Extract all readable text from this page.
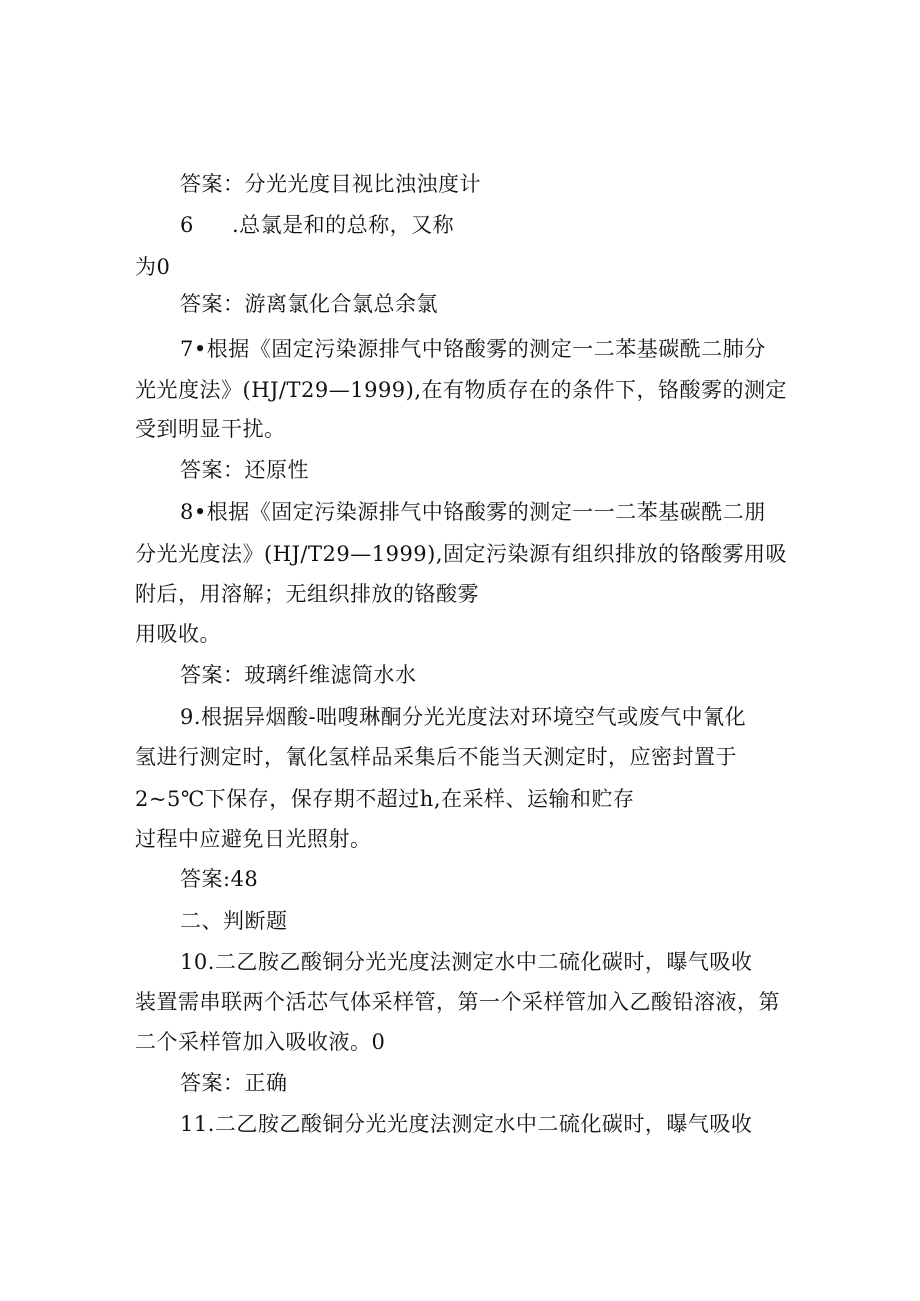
答案：分光光度目视比浊浊度计
6 .总氯是和的总称，又称
为0
答案：游离氯化合氯总余氯
7•根据《固定污染源排气中铬酸雾的测定一二苯基碳酰二肺分
光光度法》(HJ/T29—1999),在有物质存在的条件下，铬酸雾的测定
受到明显干扰。
答案：还原性
8•根据《固定污染源排气中铬酸雾的测定一一二苯基碳酰二朋
分光光度法》(HJ/T29—1999),固定污染源有组织排放的铬酸雾用吸
附后，用溶解；无组织排放的铬酸雾
用吸收。
答案：玻璃纤维滤筒水水
9.根据异烟酸-咄嗖琳酮分光光度法对环境空气或废气中氰化
氢进行测定时，氰化氢样品采集后不能当天测定时，应密封置于
2~5℃下保存，保存期不超过h,在采样、运输和贮存
过程中应避免日光照射。
答案:48
二、判断题
10.二乙胺乙酸铜分光光度法测定水中二硫化碳时，曝气吸收
装置需串联两个活芯气体采样管，第一个采样管加入乙酸铅溶液，第
二个采样管加入吸收液。0
答案：正确
11.二乙胺乙酸铜分光光度法测定水中二硫化碳时，曝气吸收
